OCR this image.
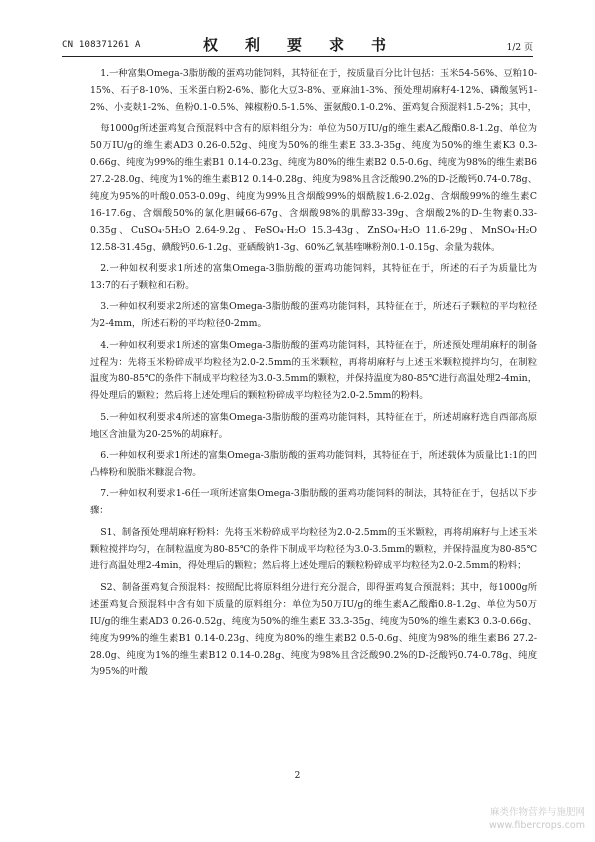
CN 108371261 A	权　利　要　求　书	1/2 页

1.一种富集Omega-3脂肪酸的蛋鸡功能饲料，其特征在于，按质量百分比计包括：玉米54-56%、豆粕10-15%、石子8-10%、玉米蛋白粉2-6%、膨化大豆3-8%、亚麻油1-3%、预处理胡麻籽4-12%、磷酸氢钙1-2%、小麦麸1-2%、鱼粉0.1-0.5%、辣椒粉0.5-1.5%、蛋氨酸0.1-0.2%、蛋鸡复合预混料1.5-2%；其中，

每1000g所述蛋鸡复合预混料中含有的原料组分为：单位为50万IU/g的维生素A乙酸酯0.8-1.2g、单位为50万IU/g的维生素AD3 0.26-0.52g、纯度为50%的维生素E 33.3-35g、纯度为50%的维生素K3 0.3-0.66g、纯度为99%的维生素B1 0.14-0.23g、纯度为80%的维生素B2 0.5-0.6g、纯度为98%的维生素B6 27.2-28.0g、纯度为1%的维生素B12 0.14-0.28g、纯度为98%且含泛酸90.2%的D-泛酸钙0.74-0.78g、纯度为95%的叶酸0.053-0.09g、纯度为99%且含烟酸99%的烟酰胺1.6-2.02g、含烟酸99%的维生素C 16-17.6g、含烟酸50%的氯化胆碱66-67g、含烟酸98%的肌醇33-39g、含烟酸2%的D-生物素0.33-0.35g、CuSO₄·5H₂O 2.64-9.2g、FeSO₄·H₂O 15.3-43g、ZnSO₄·H₂O 11.6-29g、MnSO₄·H₂O 12.58-31.45g、碘酸钙0.6-1.2g、亚硒酸钠1-3g、60%乙氧基喹啉粉剂0.1-0.15g、余量为载体。

2.一种如权利要求1所述的富集Omega-3脂肪酸的蛋鸡功能饲料，其特征在于，所述的石子为质量比为13:7的石子颗粒和石粉。

3.一种如权利要求2所述的富集Omega-3脂肪酸的蛋鸡功能饲料，其特征在于，所述石子颗粒的平均粒径为2-4mm，所述石粉的平均粒径0-2mm。

4.一种如权利要求1所述的富集Omega-3脂肪酸的蛋鸡功能饲料，其特征在于，所述预处理胡麻籽的制备过程为：先将玉米粉碎成平均粒径为2.0-2.5mm的玉米颗粒，再将胡麻籽与上述玉米颗粒搅拌均匀，在制粒温度为80-85℃的条件下制成平均粒径为3.0-3.5mm的颗粒，并保持温度为80-85℃进行高温处理2-4min，得处理后的颗粒；然后将上述处理后的颗粒粉碎成平均粒径为2.0-2.5mm的粉料。

5.一种如权利要求4所述的富集Omega-3脂肪酸的蛋鸡功能饲料，其特征在于，所述胡麻籽选自西部高原地区含油量为20-25%的胡麻籽。

6.一种如权利要求1所述的富集Omega-3脂肪酸的蛋鸡功能饲料，其特征在于，所述载体为质量比1:1的凹凸棒粉和脱脂米糠混合物。

7.一种如权利要求1-6任一项所述富集Omega-3脂肪酸的蛋鸡功能饲料的制法，其特征在于，包括以下步骤：

S1、制备预处理胡麻籽粉料：先将玉米粉碎成平均粒径为2.0-2.5mm的玉米颗粒，再将胡麻籽与上述玉米颗粒搅拌均匀，在制粒温度为80-85℃的条件下制成平均粒径为3.0-3.5mm的颗粒，并保持温度为80-85℃进行高温处理2-4min，得处理后的颗粒；然后将上述处理后的颗粒粉碎成平均粒径为2.0-2.5mm的粉料；

S2、制备蛋鸡复合预混料：按照配比将原料组分进行充分混合，即得蛋鸡复合预混料；其中，每1000g所述蛋鸡复合预混料中含有如下质量的原料组分：单位为50万IU/g的维生素A乙酸酯0.8-1.2g、单位为50万IU/g的维生素AD3 0.26-0.52g、纯度为50%的维生素E 33.3-35g、纯度为50%的维生素K3 0.3-0.66g、纯度为99%的维生素B1 0.14-0.23g、纯度为80%的维生素B2 0.5-0.6g、纯度为98%的维生素B6 27.2-28.0g、纯度为1%的维生素B12 0.14-0.28g、纯度为98%且含泛酸90.2%的D-泛酸钙0.74-0.78g、纯度为95%的叶酸

2
麻类作物营养与施肥网
www.fibercrops.com
